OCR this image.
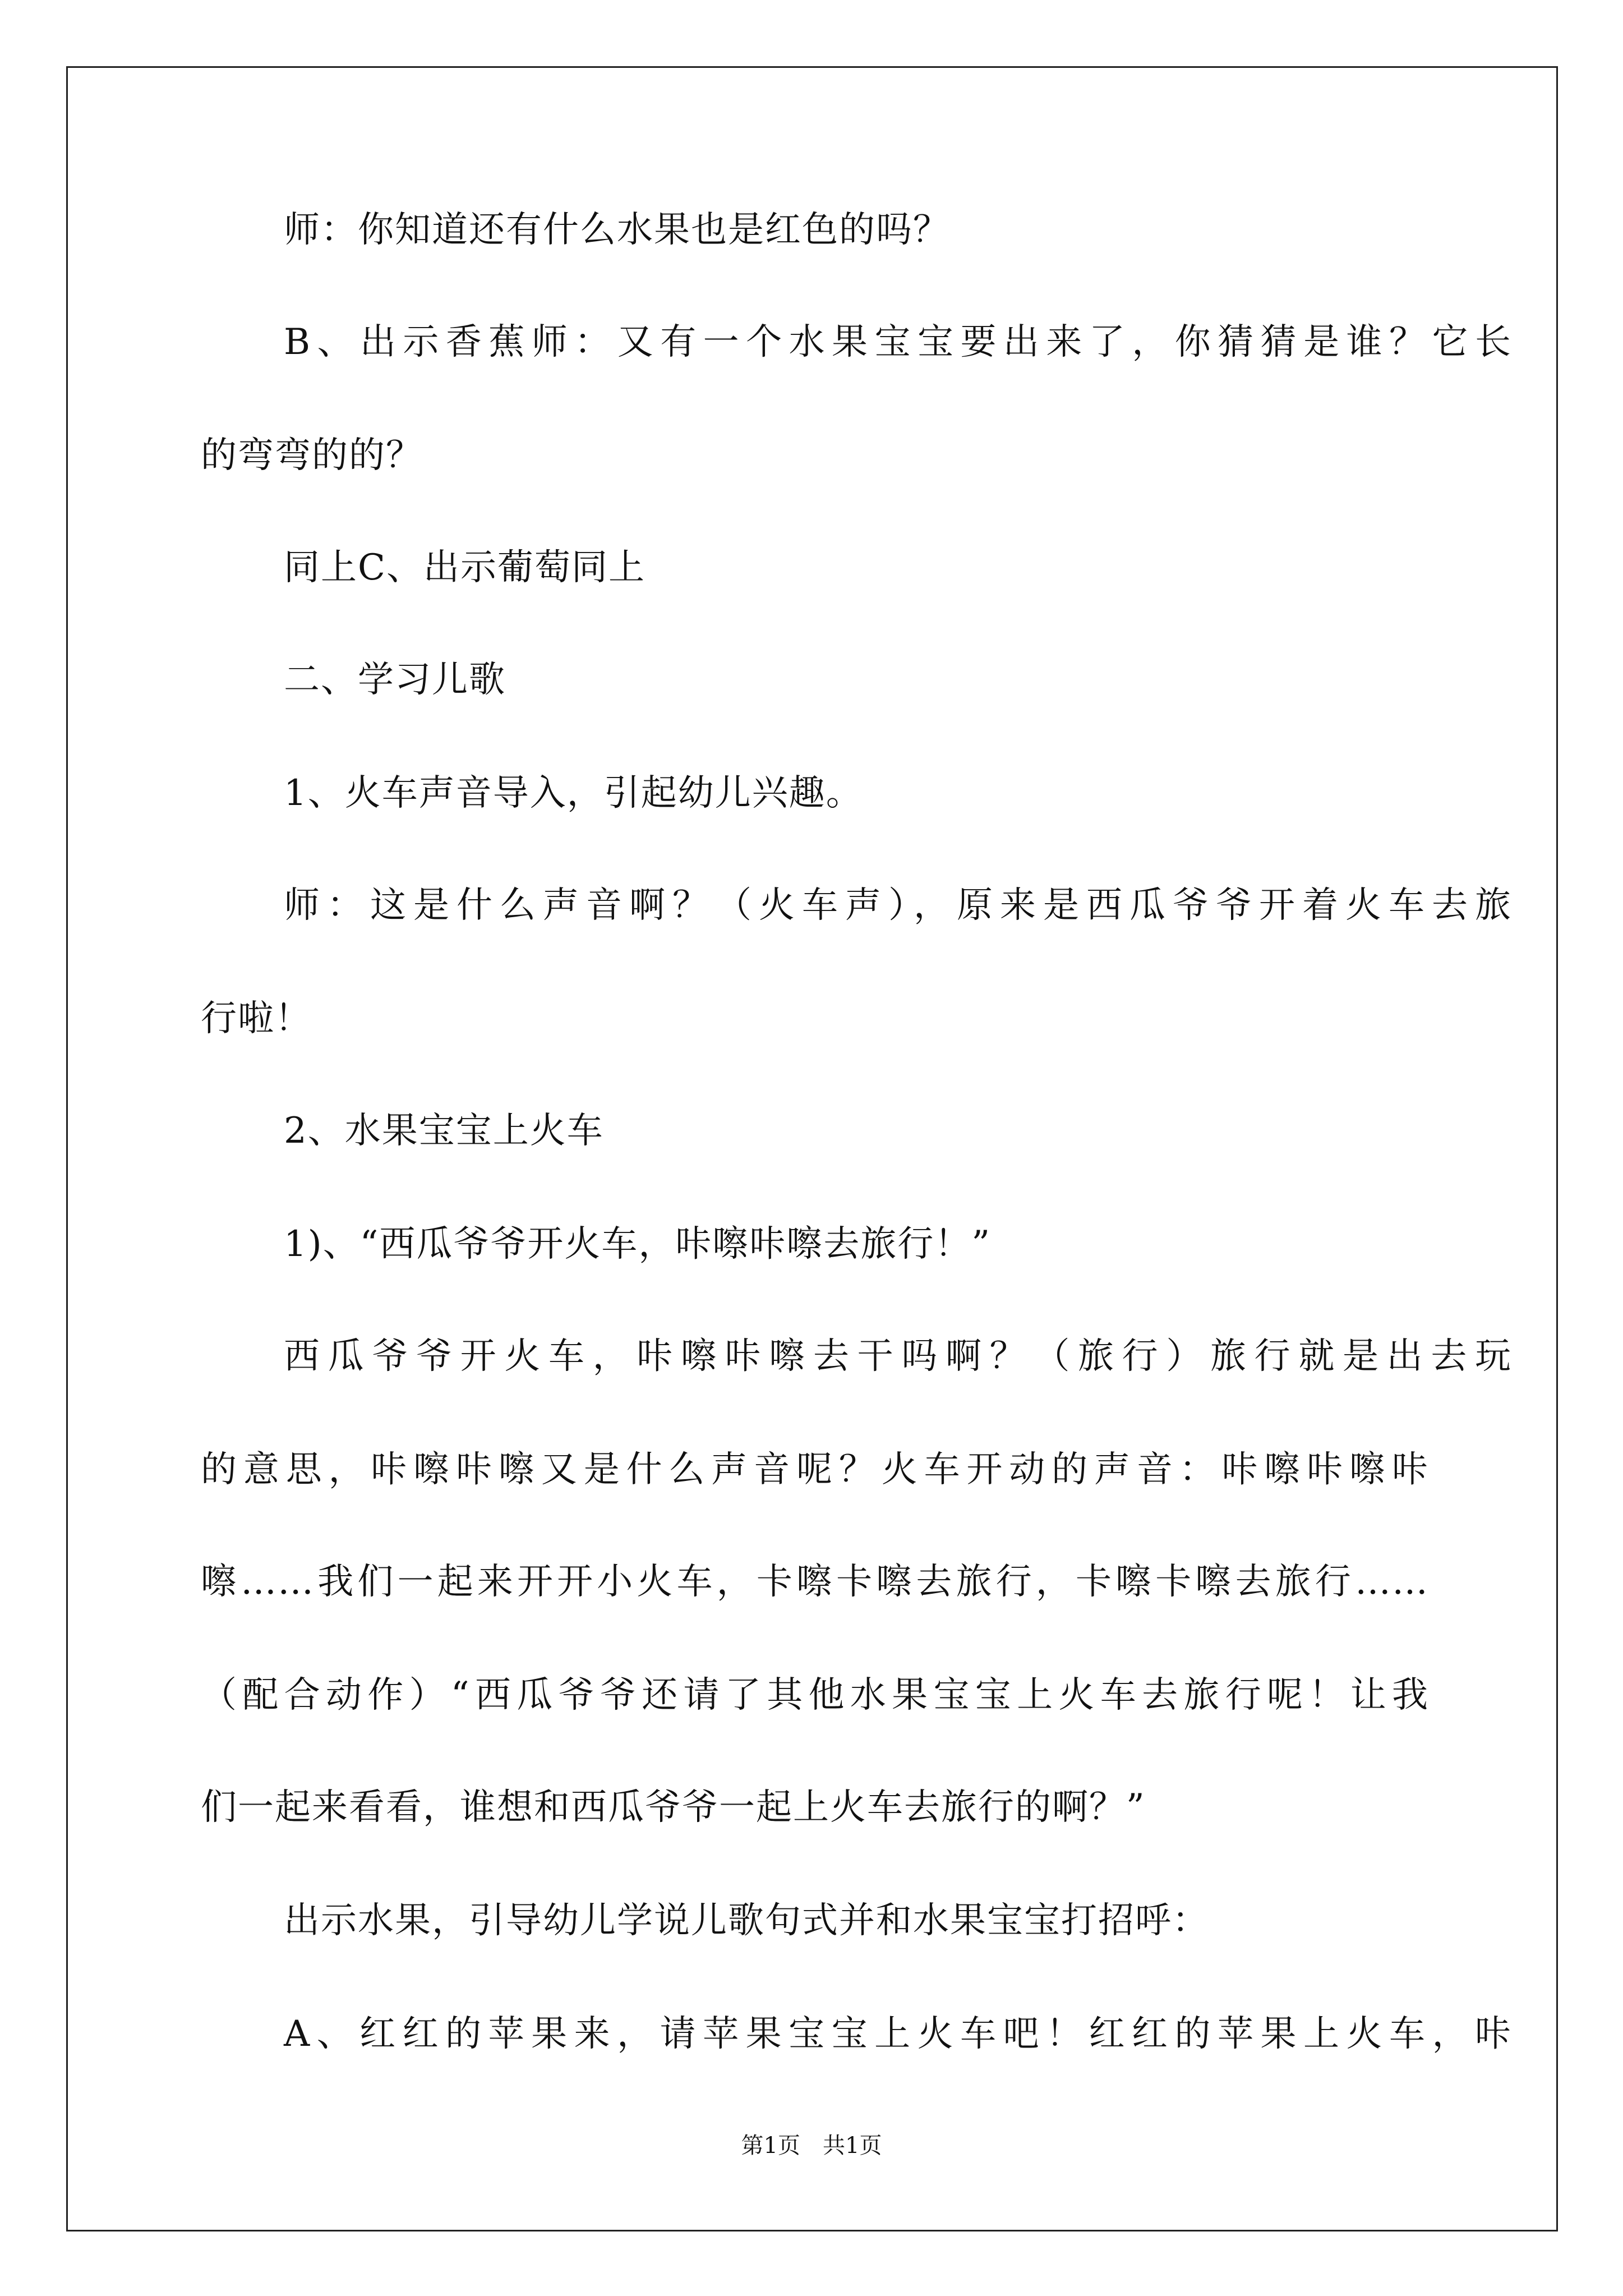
师：你知道还有什么水果也是红色的吗？
B、出示香蕉师：又有一个水果宝宝要出来了，你猜猜是谁？它长
的弯弯的的？
同上C、出示葡萄同上
二、学习儿歌
1、火车声音导入，引起幼儿兴趣。
师：这是什么声音啊？（火车声），原来是西瓜爷爷开着火车去旅
行啦！
2、水果宝宝上火车
1)、“西瓜爷爷开火车，咔嚓咔嚓去旅行！”
西瓜爷爷开火车，咔嚓咔嚓去干吗啊？（旅行）旅行就是出去玩
的意思，咔嚓咔嚓又是什么声音呢？火车开动的声音：咔嚓咔嚓咔
嚓……我们一起来开开小火车，卡嚓卡嚓去旅行，卡嚓卡嚓去旅行……
（配合动作）“西瓜爷爷还请了其他水果宝宝上火车去旅行呢！让我
们一起来看看，谁想和西瓜爷爷一起上火车去旅行的啊？”
出示水果，引导幼儿学说儿歌句式并和水果宝宝打招呼：
A、红红的苹果来，请苹果宝宝上火车吧！红红的苹果上火车，咔
第1页　共1页
